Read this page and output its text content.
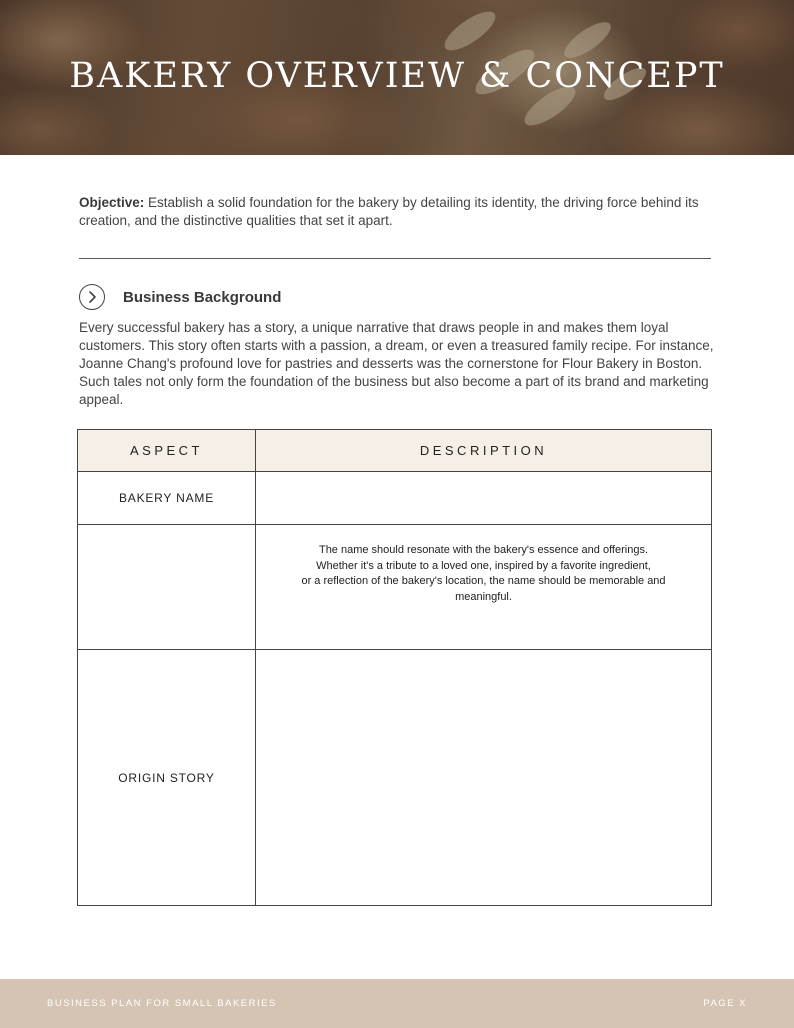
BAKERY OVERVIEW & CONCEPT

Objective: Establish a solid foundation for the bakery by detailing its identity, the driving force behind its creation, and the distinctive qualities that set it apart.

Business Background

Every successful bakery has a story, a unique narrative that draws people in and makes them loyal customers. This story often starts with a passion, a dream, or even a treasured family recipe. For instance, Joanne Chang's profound love for pastries and desserts was the cornerstone for Flour Bakery in Boston. Such tales not only form the foundation of the business but also become a part of its brand and marketing appeal.

ASPECT	DESCRIPTION
BAKERY NAME	

	The name should resonate with the bakery's essence and offerings.
Whether it's a tribute to a loved one, inspired by a favorite ingredient,
or a reflection of the bakery's location, the name should be memorable and meaningful.

ORIGIN STORY	
BUSINESS PLAN FOR SMALL BAKERIES	PAGE X
